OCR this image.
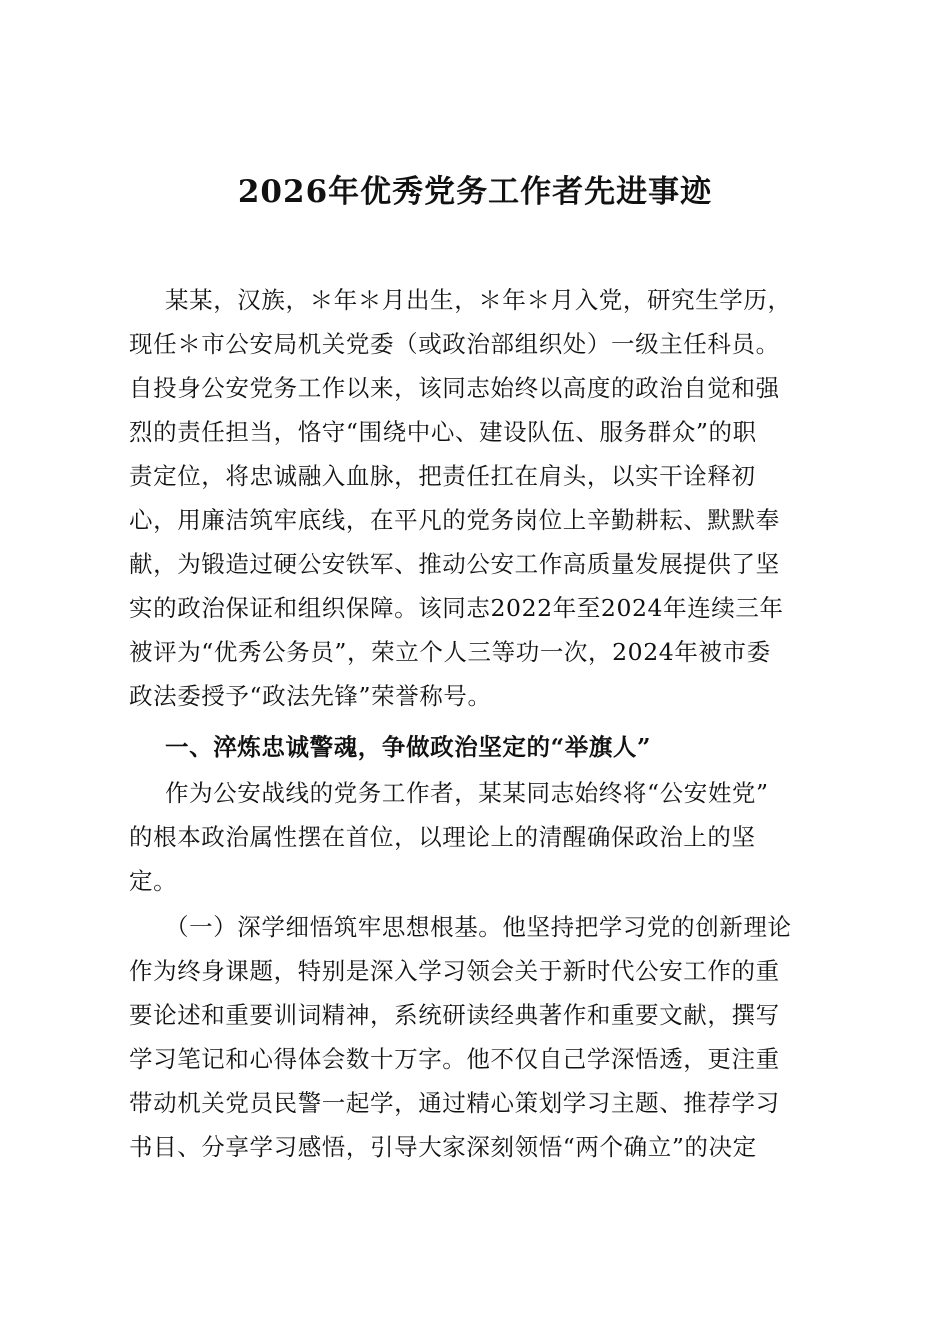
2026年优秀党务工作者先进事迹
某某，汉族，＊年＊月出生，＊年＊月入党，研究生学历，
现任＊市公安局机关党委（或政治部组织处）一级主任科员。
自投身公安党务工作以来，该同志始终以高度的政治自觉和强
烈的责任担当，恪守“围绕中心、建设队伍、服务群众”的职
责定位，将忠诚融入血脉，把责任扛在肩头，以实干诠释初
心，用廉洁筑牢底线，在平凡的党务岗位上辛勤耕耘、默默奉
献，为锻造过硬公安铁军、推动公安工作高质量发展提供了坚
实的政治保证和组织保障。该同志2022年至2024年连续三年
被评为“优秀公务员”，荣立个人三等功一次，2024年被市委
政法委授予“政法先锋”荣誉称号。
一、淬炼忠诚警魂，争做政治坚定的“举旗人”
作为公安战线的党务工作者，某某同志始终将“公安姓党”
的根本政治属性摆在首位，以理论上的清醒确保政治上的坚
定。
（一）深学细悟筑牢思想根基。他坚持把学习党的创新理论
作为终身课题，特别是深入学习领会关于新时代公安工作的重
要论述和重要训词精神，系统研读经典著作和重要文献，撰写
学习笔记和心得体会数十万字。他不仅自己学深悟透，更注重
带动机关党员民警一起学，通过精心策划学习主题、推荐学习
书目、分享学习感悟，引导大家深刻领悟“两个确立”的决定
